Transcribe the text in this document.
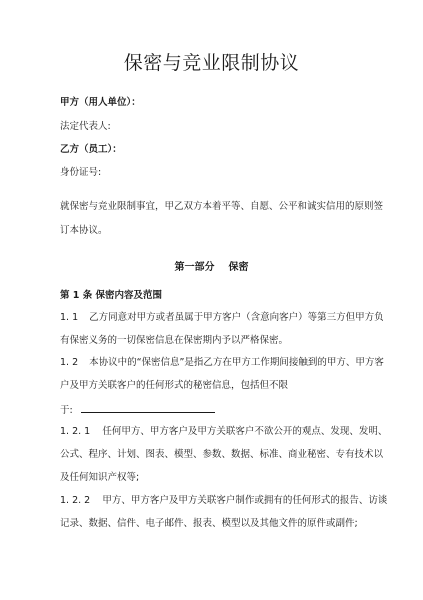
保密与竞业限制协议

甲方（用人单位）：

法定代表人:

乙方（员工）：

身份证号:

就保密与竞业限制事宜，甲乙双方本着平等、自愿、公平和诚实信用的原则签

订本协议。

第一部分 保密

第 1 条 保密内容及范围

1. 1 乙方同意对甲方或者虽属于甲方客户（含意向客户）等第三方但甲方负

有保密义务的一切保密信息在保密期内予以严格保密。

1. 2 本协议中的“保密信息”是指乙方在甲方工作期间接触到的甲方、甲方客

户及甲方关联客户的任何形式的秘密信息，包括但不限

于:

1. 2. 1 任何甲方、甲方客户及甲方关联客户不欲公开的观点、发现、发明、

公式、程序、计划、图表、模型、参数、数据、标准、商业秘密、专有技术以

及任何知识产权等;

1. 2. 2 甲方、甲方客户及甲方关联客户制作或拥有的任何形式的报告、访谈

记录、数据、信件、电子邮件、报表、模型以及其他文件的原件或副件;
